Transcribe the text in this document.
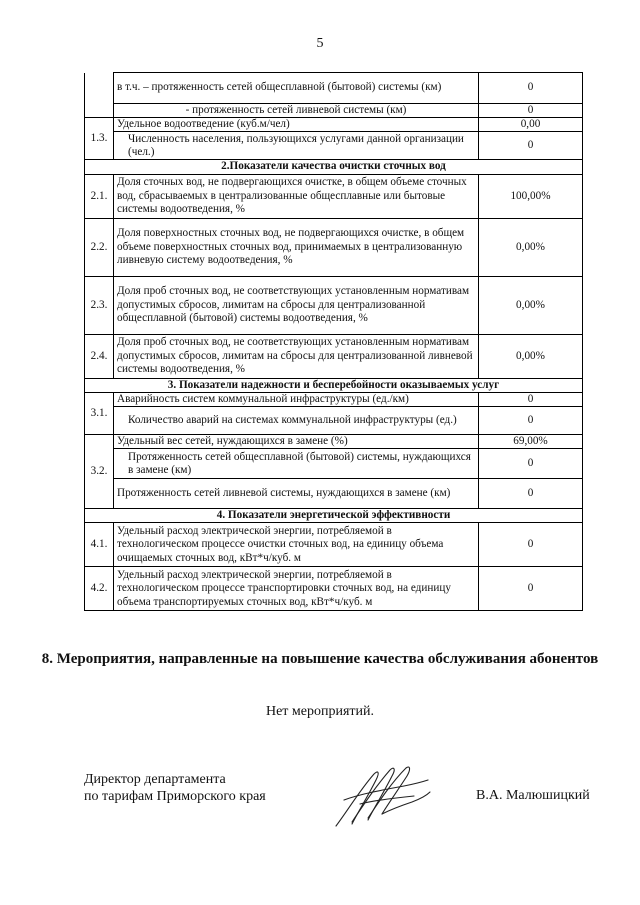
5
	в т.ч. – протяженность сетей общесплавной (бытовой) системы (км)	0
	- протяженность сетей ливневой системы (км)	0
1.3.	Удельное водоотведение (куб.м/чел)	0,00
	Численность населения, пользующихся услугами данной организации (чел.)	0
2.Показатели качества очистки сточных вод		
2.1.	Доля сточных вод, не подвергающихся очистке, в общем объеме сточных вод, сбрасываемых в централизованные общесплавные или бытовые системы водоотведения, %	100,00%
2.2.	Доля поверхностных сточных вод, не подвергающихся очистке, в общем объеме поверхностных сточных вод, принимаемых в централизованную ливневую систему водоотведения, %	0,00%
2.3.	Доля проб сточных вод, не соответствующих установленным нормативам допустимых сбросов, лимитам на сбросы для централизованной общесплавной (бытовой) системы водоотведения, %	0,00%
2.4.	Доля проб сточных вод, не соответствующих установленным нормативам допустимых сбросов, лимитам на сбросы для централизованной ливневой системы водоотведения, %	0,00%
3. Показатели надежности и бесперебойности оказываемых услуг		
3.1.	Аварийность систем коммунальной инфраструктуры (ед./км)	0
	Количество аварий на системах коммунальной инфраструктуры (ед.)	0
3.2.	Удельный вес сетей, нуждающихся в замене (%)	69,00%
	Протяженность сетей общесплавной (бытовой) системы, нуждающихся в замене (км)	0
	Протяженность сетей ливневой системы, нуждающихся в замене (км)	0
4. Показатели энергетической эффективности		
4.1.	Удельный расход электрической энергии, потребляемой в технологическом процессе очистки сточных вод, на единицу объема очищаемых сточных вод, кВт*ч/куб. м	0
4.2.	Удельный расход электрической энергии, потребляемой в технологическом процессе транспортировки сточных вод, на единицу объема транспортируемых сточных вод, кВт*ч/куб. м	0
8. Мероприятия, направленные на повышение качества обслуживания абонентов
Нет мероприятий.
Директор департамента
по тарифам Приморского края	В.А. Малюшицкий
